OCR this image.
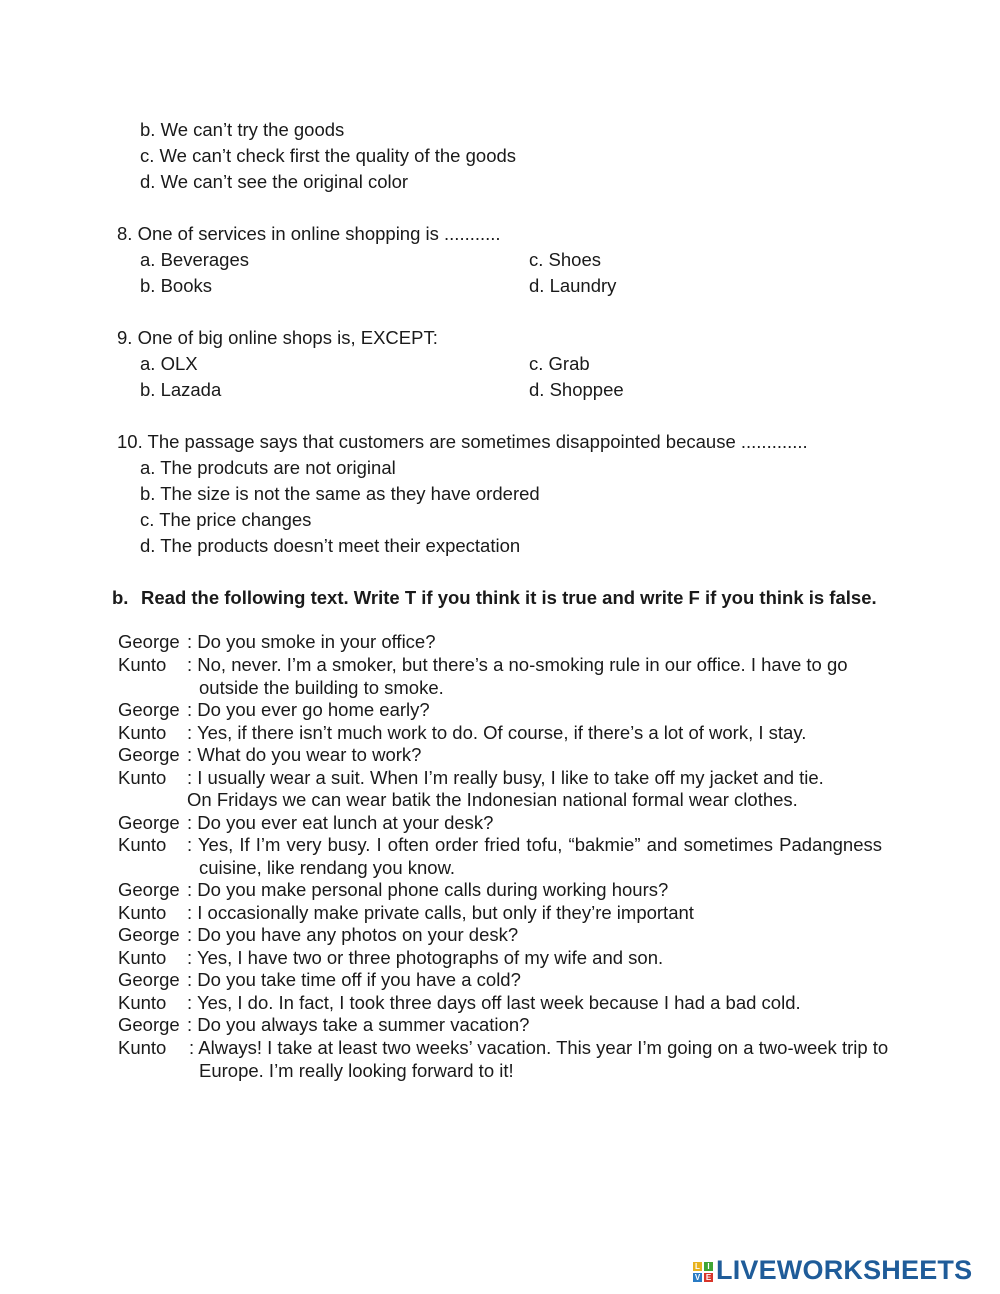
b. We can’t try the goods
c. We can’t check first the quality of the goods
d. We can’t see the original color
8. One of services in online shopping is ...........
a. Beverages	c. Shoes
b. Books	d. Laundry
9. One of big online shops is, EXCEPT:
a. OLX	c. Grab
b. Lazada	d. Shoppee
10. The passage says that customers are sometimes disappointed because .............
a. The prodcuts are not original
b. The size is not the same as they have ordered
c. The price changes
d. The products doesn’t meet their expectation
b. Read the following text. Write T if you think it is true and write F if you think is false.
George : Do you smoke in your office?
Kunto : No, never. I’m a smoker, but there’s a no-smoking rule in our office. I have to go outside the building to smoke.
George : Do you ever go home early?
Kunto : Yes, if there isn’t much work to do. Of course, if there’s a lot of work, I stay.
George : What do you wear to work?
Kunto : I usually wear a suit. When I’m really busy, I like to take off my jacket and tie.
On Fridays we can wear batik the Indonesian national formal wear clothes.
George : Do you ever eat lunch at your desk?
Kunto : Yes, If I’m very busy. I often order fried tofu, “bakmie” and sometimes Padangness cuisine, like rendang you know.
George : Do you make personal phone calls during working hours?
Kunto : I occasionally make private calls, but only if they’re important
George : Do you have any photos on your desk?
Kunto : Yes, I have two or three photographs of my wife and son.
George : Do you take time off if you have a cold?
Kunto : Yes, I do. In fact, I took three days off last week because I had a bad cold.
George : Do you always take a summer vacation?
Kunto : Always! I take at least two weeks’ vacation. This year I’m going on a two-week trip to Europe. I’m really looking forward to it!
L I
V E LIVEWORKSHEETS
